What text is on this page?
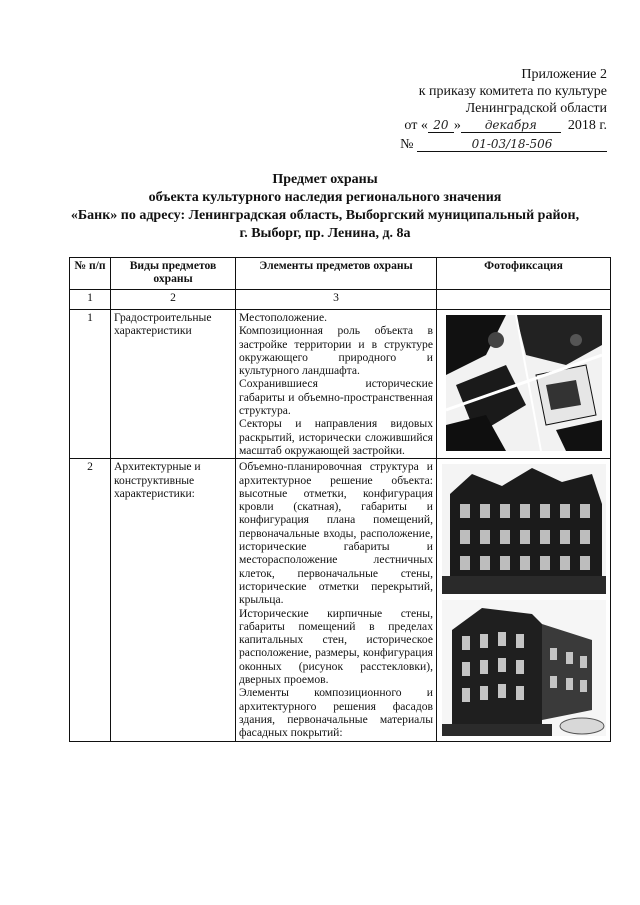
Приложение 2
к приказу комитета по культуре
Ленинградской области
от « 20 » декабря 2018 г.
№	01-03/18-506
Предмет охраны
объекта культурного наследия регионального значения
«Банк» по адресу: Ленинградская область, Выборгский муниципальный район,
г. Выборг, пр. Ленина, д. 8а
№ п/п	Виды предметов охраны	Элементы предметов охраны	Фотофиксация
1	2	3	
1	Градостроительные характеристики	Местоположение.

Композиционная роль объекта в застройке территории и в структуре окружающего природного и культурного ландшафта.

Сохранившиеся исторические габариты и объемно-пространственная структура.

Секторы и направления видовых раскрытий, исторически сложившийся масштаб окружающей застройки.

2	Архитектурные и конструктивные характеристики:	Объемно-планировочная структура и архитектурное решение объекта: высотные отметки, конфигурация кровли (скатная), габариты и конфигурация плана помещений, первоначальные входы, расположение, исторические габариты и месторасположение лестничных клеток, первоначальные стены, исторические отметки перекрытий, крыльца.

Исторические кирпичные стены, габариты помещений в пределах капитальных стен, историческое расположение, размеры, конфигурация оконных (рисунок расстекловки), дверных проемов.

Элементы композиционного и архитектурного решения фасадов здания, первоначальные материалы фасадных покрытий:
